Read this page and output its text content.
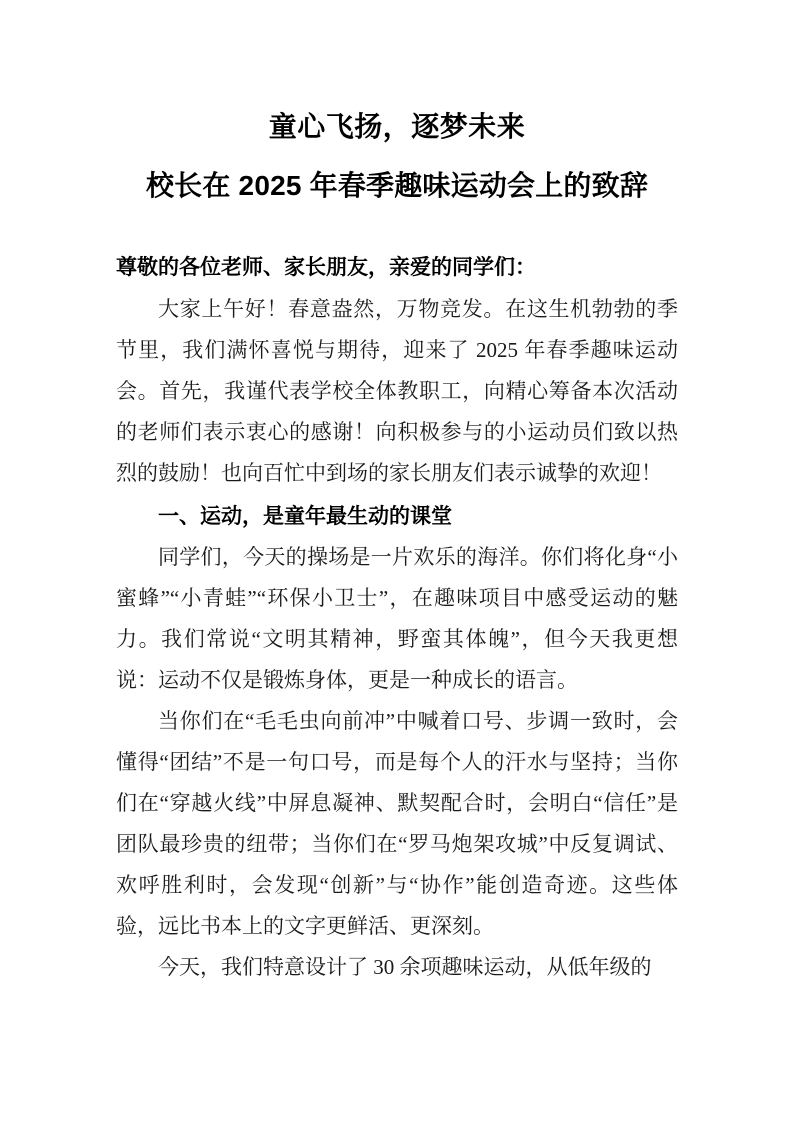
童心飞扬，逐梦未来
校长在 2025 年春季趣味运动会上的致辞
尊敬的各位老师、家长朋友，亲爱的同学们：

大家上午好！春意盎然，万物竞发。在这生机勃勃的季节里，我们满怀喜悦与期待，迎来了 2025 年春季趣味运动会。首先，我谨代表学校全体教职工，向精心筹备本次活动的老师们表示衷心的感谢！向积极参与的小运动员们致以热烈的鼓励！也向百忙中到场的家长朋友们表示诚挚的欢迎！

一、运动，是童年最生动的课堂

同学们，今天的操场是一片欢乐的海洋。你们将化身“小蜜蜂”“小青蛙”“环保小卫士”，在趣味项目中感受运动的魅力。我们常说“文明其精神，野蛮其体魄”，但今天我更想说：运动不仅是锻炼身体，更是一种成长的语言。

当你们在“毛毛虫向前冲”中喊着口号、步调一致时，会懂得“团结”不是一句口号，而是每个人的汗水与坚持；当你们在“穿越火线”中屏息凝神、默契配合时，会明白“信任”是团队最珍贵的纽带；当你们在“罗马炮架攻城”中反复调试、欢呼胜利时，会发现“创新”与“协作”能创造奇迹。这些体验，远比书本上的文字更鲜活、更深刻。

今天，我们特意设计了 30 余项趣味运动，从低年级的
